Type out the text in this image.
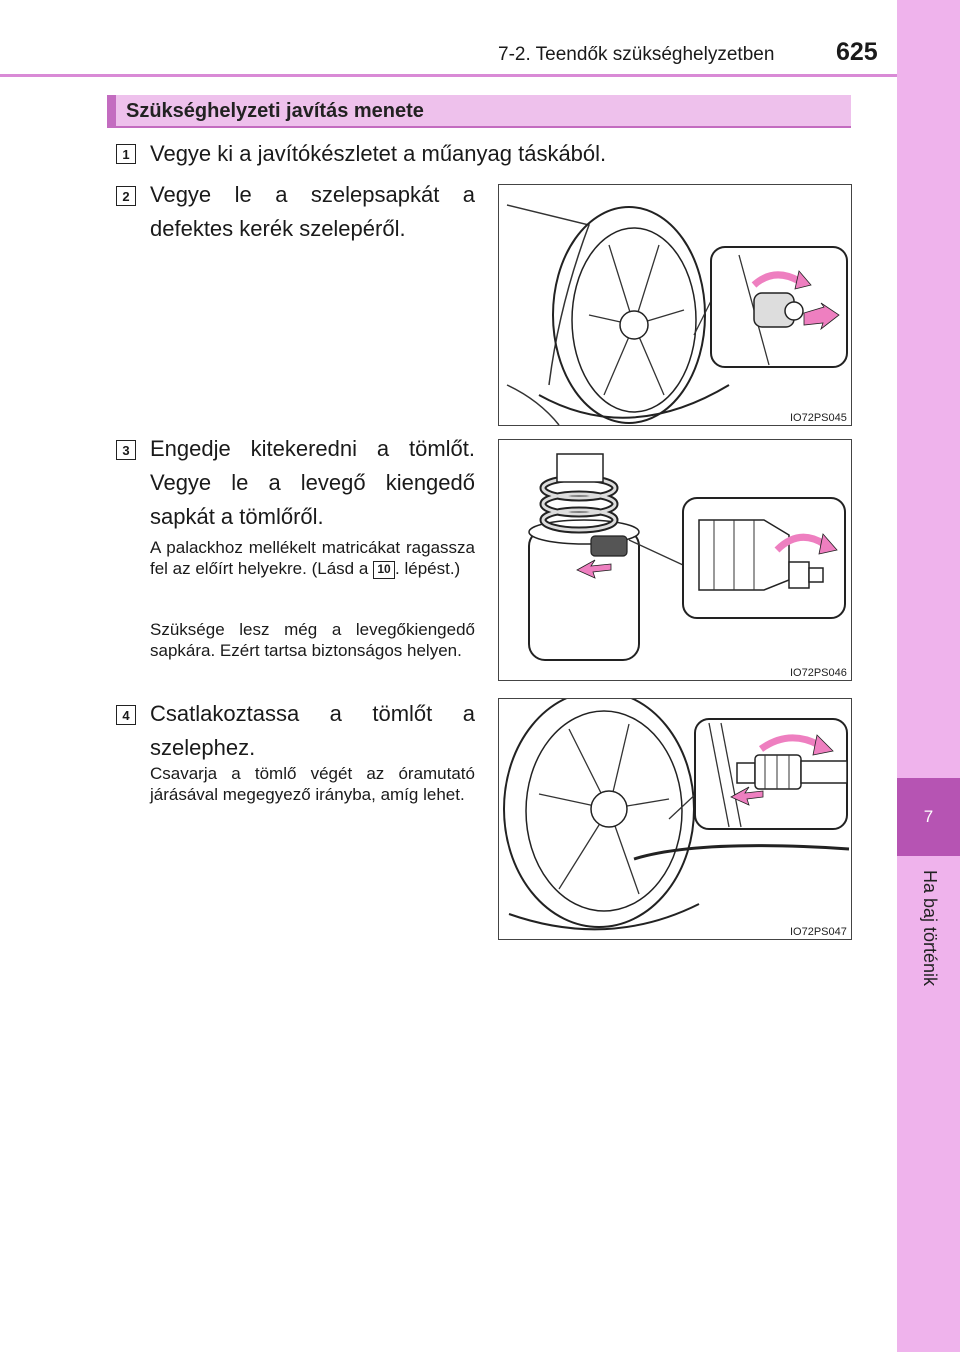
7-2. Teendők szükséghelyzetben 625
7
Ha baj történik
Szükséghelyzeti javítás menete
1 Vegye ki a javítókészletet a műanyag táskából.
2 Vegye le a szelepsapkát a defektes kerék szelepéről.
IO72PS045
3 Engedje kitekeredni a tömlőt. Vegye le a levegő kiengedő sapkát a tömlőről.
A palackhoz mellékelt matricákat ragassza fel az előírt helyekre. (Lásd a 10 . lépést.)
Szüksége lesz még a levegőkiengedő sapkára. Ezért tartsa biztonságos helyen.
IO72PS046
4 Csatlakoztassa a tömlőt a szelephez.
Csavarja a tömlő végét az óramutató járásával megegyező irányba, amíg lehet.
IO72PS047
